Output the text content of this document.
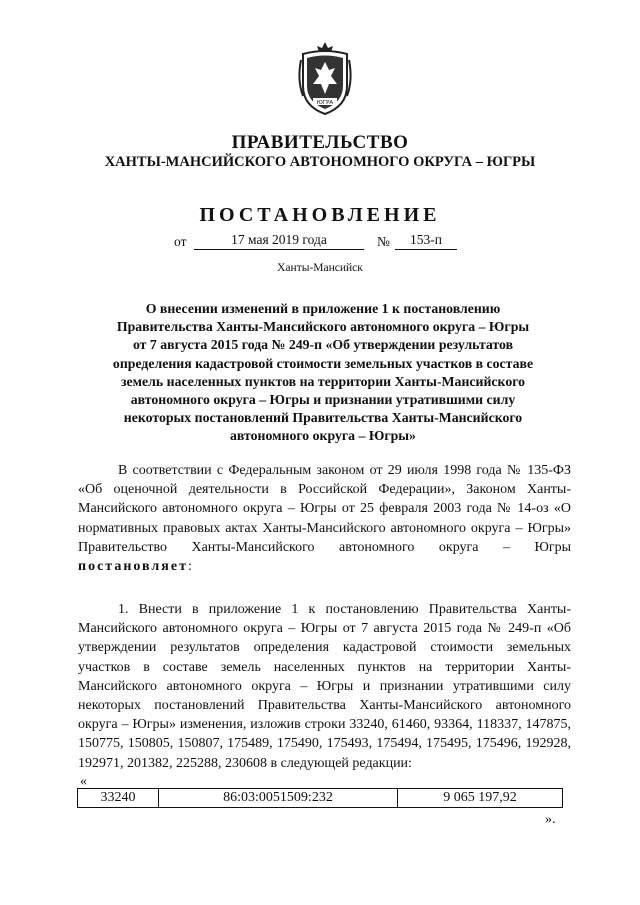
ЮГРА
ПРАВИТЕЛЬСТВО
ХАНТЫ-МАНСИЙСКОГО АВТОНОМНОГО ОКРУГА – ЮГРЫ
ПОСТАНОВЛЕНИЕ
от	17 мая 2019 года	№	153-п
Ханты-Мансийск
О внесении изменений в приложение 1 к постановлению
Правительства Ханты-Мансийского автономного округа – Югры
от 7 августа 2015 года № 249-п «Об утверждении результатов
определения кадастровой стоимости земельных участков в составе
земель населенных пунктов на территории Ханты-Мансийского
автономного округа – Югры и признании утратившими силу
некоторых постановлений Правительства Ханты-Мансийского
автономного округа – Югры»
В соответствии с Федеральным законом от 29 июля 1998 года № 135-ФЗ «Об оценочной деятельности в Российской Федерации», Законом Ханты-Мансийского автономного округа – Югры от 25 февраля 2003 года № 14-оз «О нормативных правовых актах Ханты-Мансийского автономного округа – Югры» Правительство Ханты-Мансийского автономного округа – Югры постановляет:
1. Внести в приложение 1 к постановлению Правительства Ханты-Мансийского автономного округа – Югры от 7 августа 2015 года № 249-п «Об утверждении результатов определения кадастровой стоимости земельных участков в составе земель населенных пунктов на территории Ханты-Мансийского автономного округа – Югры и признании утратившими силу некоторых постановлений Правительства Ханты-Мансийского автономного округа – Югры» изменения, изложив строки 33240, 61460, 93364, 118337, 147875, 150775, 150805, 150807, 175489, 175490, 175493, 175494, 175495, 175496, 192928, 192971, 201382, 225288, 230608 в следующей редакции:
«
33240	86:03:0051509:232	9 065 197,92
».
